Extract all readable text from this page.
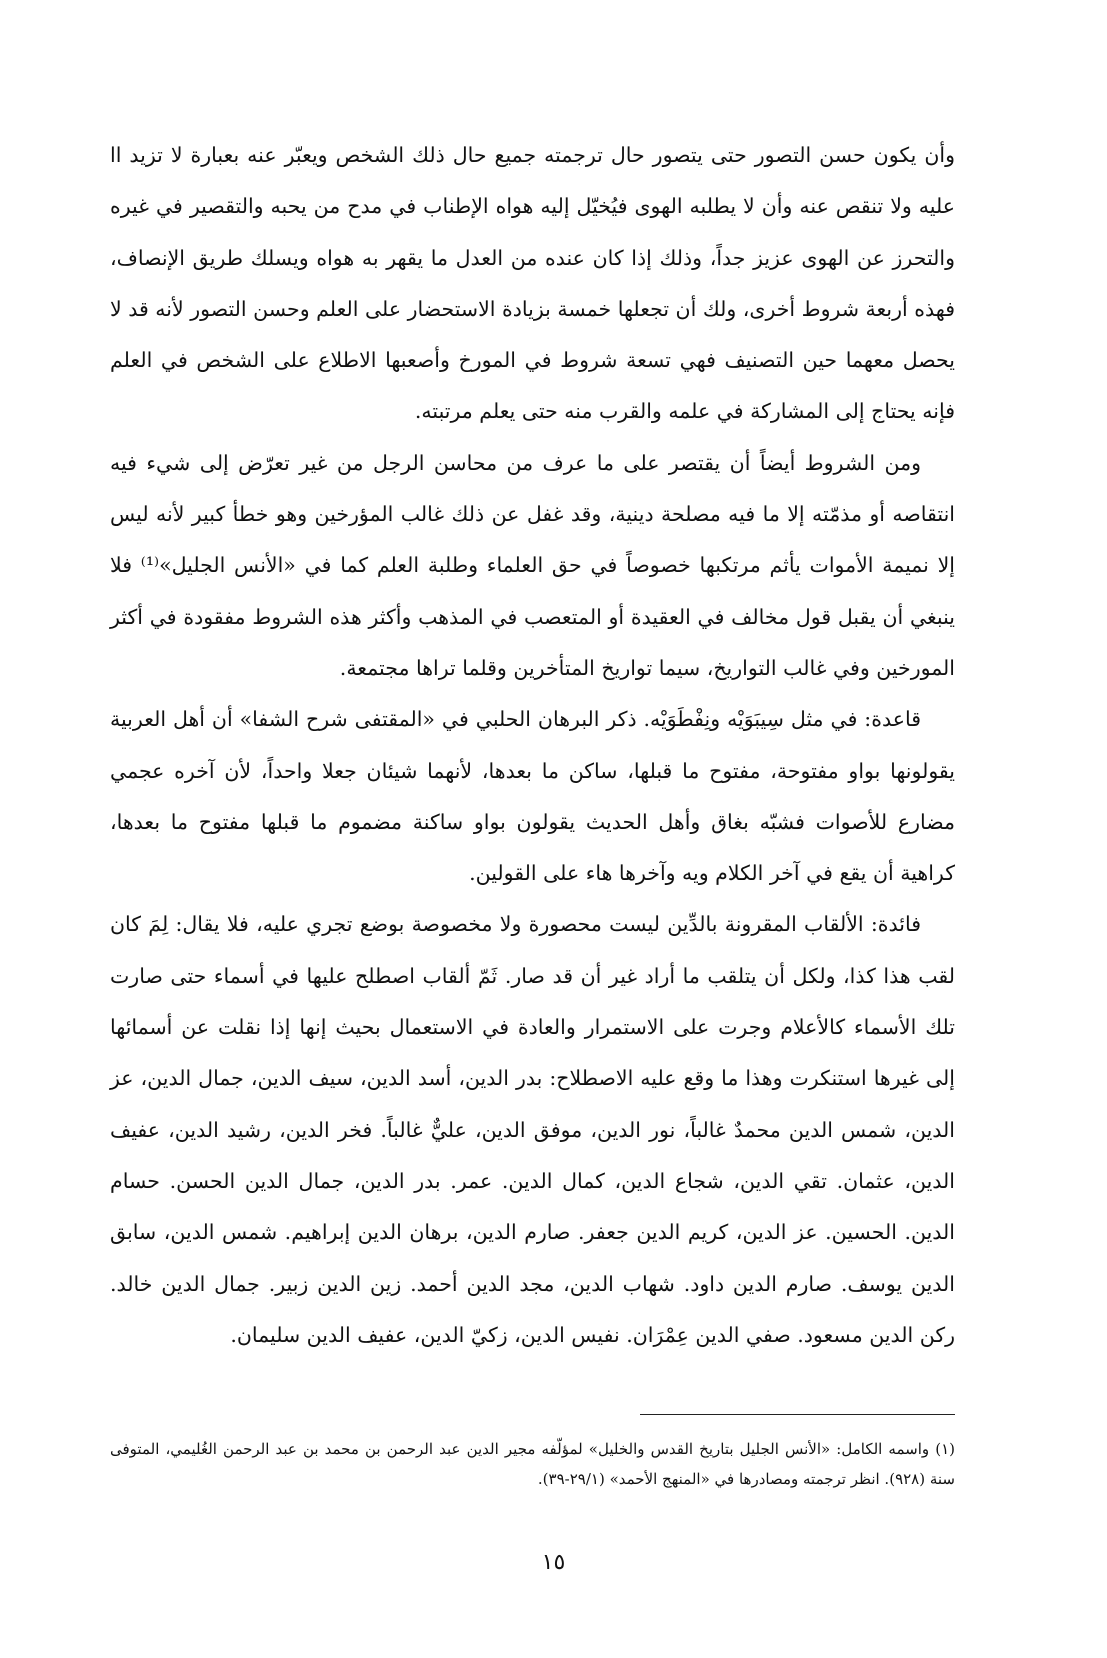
وأن يكون حسن التصور حتى يتصور حال ترجمته جميع حال ذلك الشخص ويعبّر عنه بعبارة لا تزيد اا عليه ولا تنقص عنه وأن لا يطلبه الهوى فيُخيّل إليه هواه الإطناب في مدح من يحبه والتقصير في غيره والتحرز عن الهوى عزيز جداً، وذلك إذا كان عنده من العدل ما يقهر به هواه ويسلك طريق الإنصاف، فهذه أربعة شروط أخرى، ولك أن تجعلها خمسة بزيادة الاستحضار على العلم وحسن التصور لأنه قد لا يحصل معهما حين التصنيف فهي تسعة شروط في المورخ وأصعبها الاطلاع على الشخص في العلم فإنه يحتاج إلى المشاركة في علمه والقرب منه حتى يعلم مرتبته.

ومن الشروط أيضاً أن يقتصر على ما عرف من محاسن الرجل من غير تعرّض إلى شيء فيه انتقاصه أو مذمّته إلا ما فيه مصلحة دينية، وقد غفل عن ذلك غالب المؤرخين وهو خطأ كبير لأنه ليس إلا نميمة الأموات يأثم مرتكبها خصوصاً في حق العلماء وطلبة العلم كما في «الأنس الجليل»⁽¹⁾ فلا ينبغي أن يقبل قول مخالف في العقيدة أو المتعصب في المذهب وأكثر هذه الشروط مفقودة في أكثر المورخين وفي غالب التواريخ، سيما تواريخ المتأخرين وقلما تراها مجتمعة.

قاعدة: في مثل سِيبَوَيْه ونِفْطَوَيْه. ذكر البرهان الحلبي في «المقتفى شرح الشفا» أن أهل العربية يقولونها بواو مفتوحة، مفتوح ما قبلها، ساكن ما بعدها، لأنهما شيئان جعلا واحداً، لأن آخره عجمي مضارع للأصوات فشبّه بغاق وأهل الحديث يقولون بواو ساكنة مضموم ما قبلها مفتوح ما بعدها، كراهية أن يقع في آخر الكلام ويه وآخرها هاء على القولين.

فائدة: الألقاب المقرونة بالدِّين ليست محصورة ولا مخصوصة بوضع تجري عليه، فلا يقال: لِمَ كان لقب هذا كذا، ولكل أن يتلقب ما أراد غير أن قد صار. ثَمّ ألقاب اصطلح عليها في أسماء حتى صارت تلك الأسماء كالأعلام وجرت على الاستمرار والعادة في الاستعمال بحيث إنها إذا نقلت عن أسمائها إلى غيرها استنكرت وهذا ما وقع عليه الاصطلاح: بدر الدين، أسد الدين، سيف الدين، جمال الدين، عز الدين، شمس الدين محمدٌ غالباً، نور الدين، موفق الدين، عليٌّ غالباً. فخر الدين، رشيد الدين، عفيف الدين، عثمان. تقي الدين، شجاع الدين، كمال الدين. عمر. بدر الدين، جمال الدين الحسن. حسام الدين. الحسين. عز الدين، كريم الدين جعفر. صارم الدين، برهان الدين إبراهيم. شمس الدين، سابق الدين يوسف. صارم الدين داود. شهاب الدين، مجد الدين أحمد. زين الدين زبير. جمال الدين خالد. ركن الدين مسعود. صفي الدين عِمْرَان. نفيس الدين، زكيّ الدين، عفيف الدين سليمان.

(١) واسمه الكامل: «الأنس الجليل بتاريخ القدس والخليل» لمؤلّفه مجير الدين عبد الرحمن بن محمد بن عبد الرحمن الغُليمي، المتوفى سنة (٩٢٨). انظر ترجمته ومصادرها في «المنهج الأحمد» (٢٩/١-٣٩).

١٥
